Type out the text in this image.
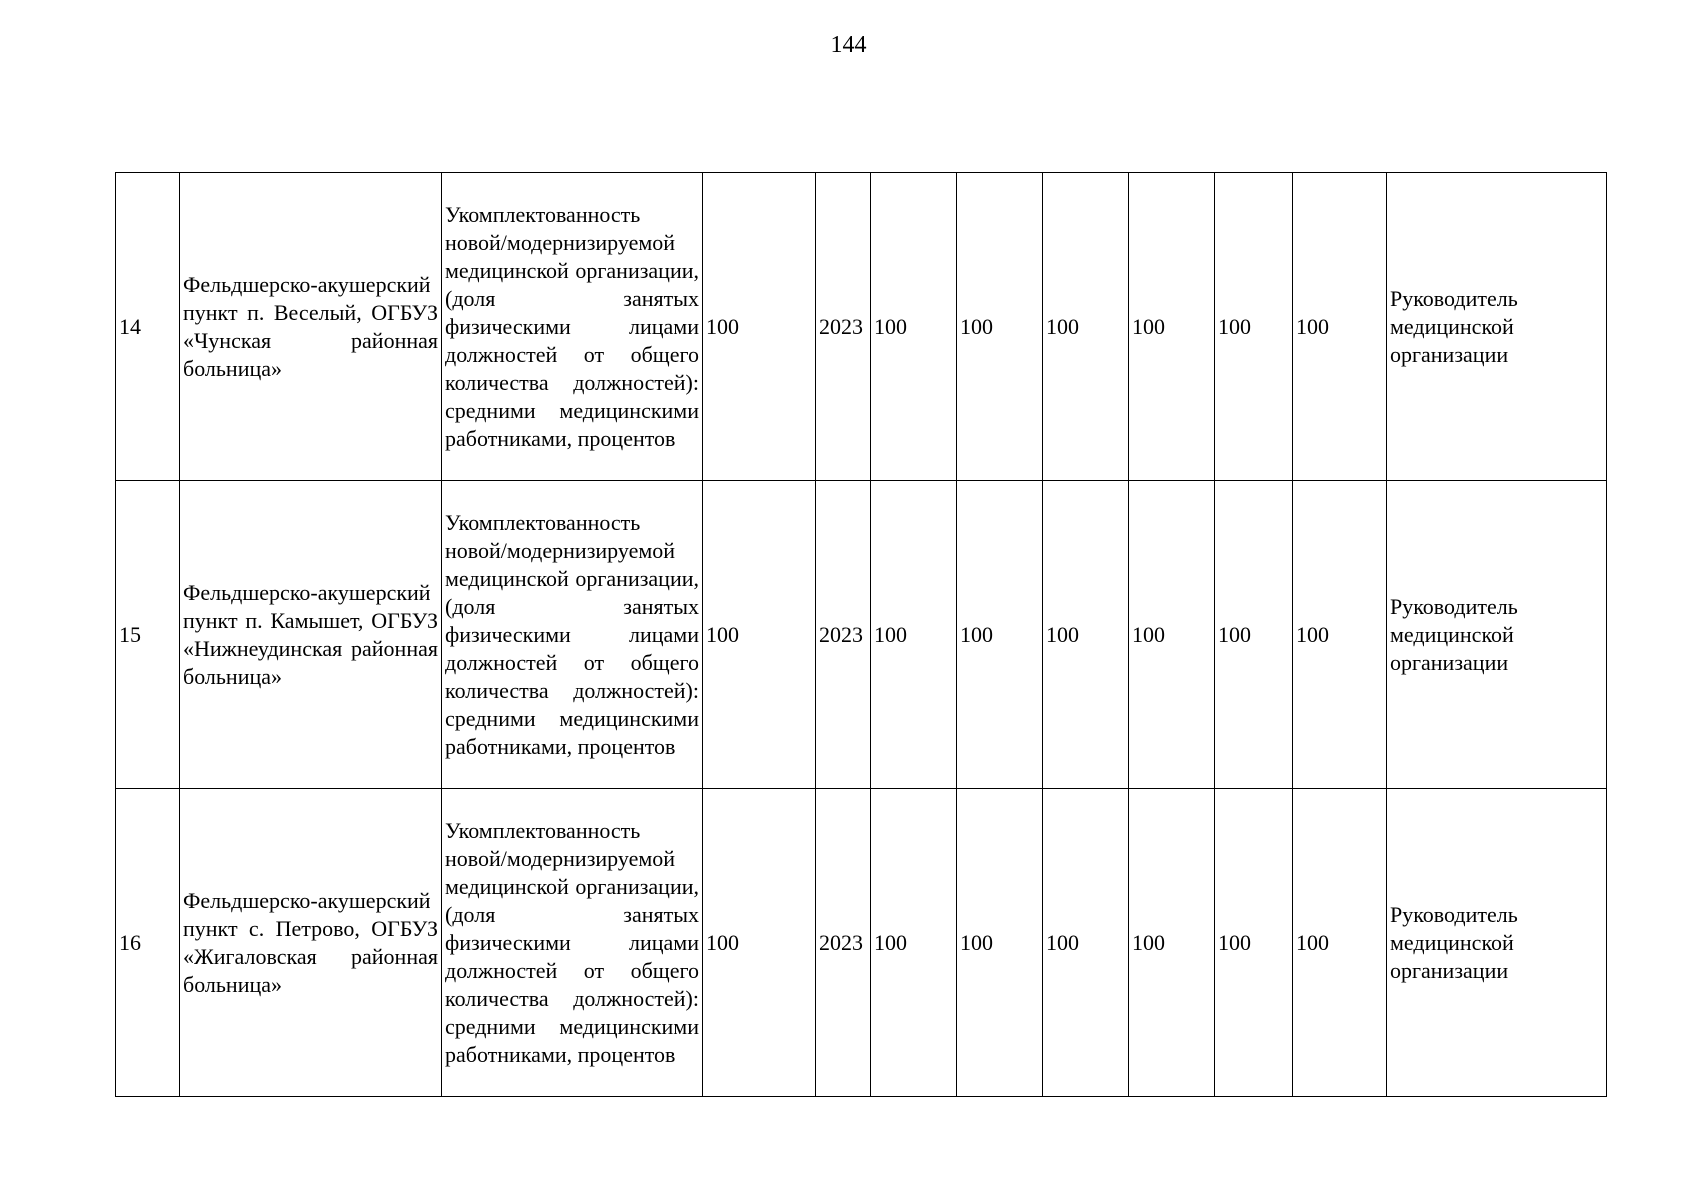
144
14	Фельдшерско-акушерский пункт п. Веселый, ОГБУЗ «Чунская районная больница»	Укомплектованность новой/модернизируемой медицинской организации, (доля занятых физическими лицами должностей от общего количества должностей): средними медицинскими работниками, процентов	100	2023	100	100	100	100	100	100	Руководитель медицинской организации
15	Фельдшерско-акушерский пункт п. Камышет, ОГБУЗ «Нижнеудинская районная больница»	Укомплектованность новой/модернизируемой медицинской организации, (доля занятых физическими лицами должностей от общего количества должностей): средними медицинскими работниками, процентов	100	2023	100	100	100	100	100	100	Руководитель медицинской организации
16	Фельдшерско-акушерский пункт с. Петрово, ОГБУЗ «Жигаловская районная больница»	Укомплектованность новой/модернизируемой медицинской организации, (доля занятых физическими лицами должностей от общего количества должностей): средними медицинскими работниками, процентов	100	2023	100	100	100	100	100	100	Руководитель медицинской организации
